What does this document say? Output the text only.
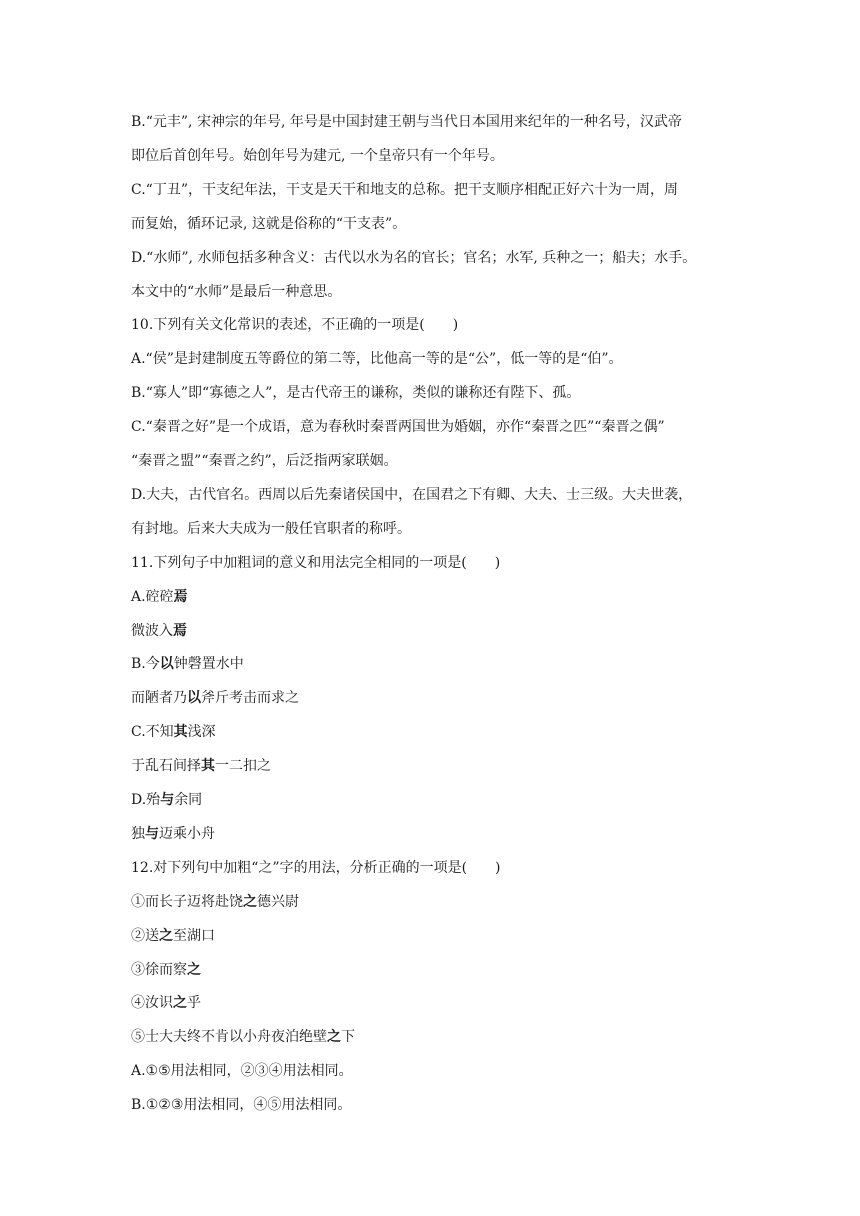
B.“元丰”, 宋神宗的年号, 年号是中国封建王朝与当代日本国用来纪年的一种名号，汉武帝

即位后首创年号。始创年号为建元, 一个皇帝只有一个年号。

C.“丁丑”，干支纪年法，干支是天干和地支的总称。把干支顺序相配正好六十为一周，周

而复始，循环记录, 这就是俗称的“干支表”。

D.“水师”, 水师包括多种含义：古代以水为名的官长；官名；水军, 兵种之一；船夫；水手。

本文中的“水师”是最后一种意思。

10.下列有关文化常识的表述，不正确的一项是(　　)

A.“侯”是封建制度五等爵位的第二等，比他高一等的是“公”，低一等的是“伯”。

B.“寡人”即“寡德之人”，是古代帝王的谦称，类似的谦称还有陛下、孤。

C.“秦晋之好”是一个成语，意为春秋时秦晋两国世为婚姻，亦作“秦晋之匹”“秦晋之偶”

“秦晋之盟”“秦晋之约”，后泛指两家联姻。

D.大夫，古代官名。西周以后先秦诸侯国中，在国君之下有卿、大夫、士三级。大夫世袭，

有封地。后来大夫成为一般任官职者的称呼。

11.下列句子中加粗词的意义和用法完全相同的一项是(　　)

A.硿硿焉

微波入焉

B.今以钟磬置水中

而陋者乃以斧斤考击而求之

C.不知其浅深

于乱石间择其一二扣之

D.殆与余同

独与迈乘小舟

12.对下列句中加粗“之”字的用法，分析正确的一项是(　　)

①而长子迈将赴饶之德兴尉

②送之至湖口

③徐而察之

④汝识之乎

⑤士大夫终不肯以小舟夜泊绝壁之下

A.①⑤用法相同，②③④用法相同。

B.①②③用法相同，④⑤用法相同。
